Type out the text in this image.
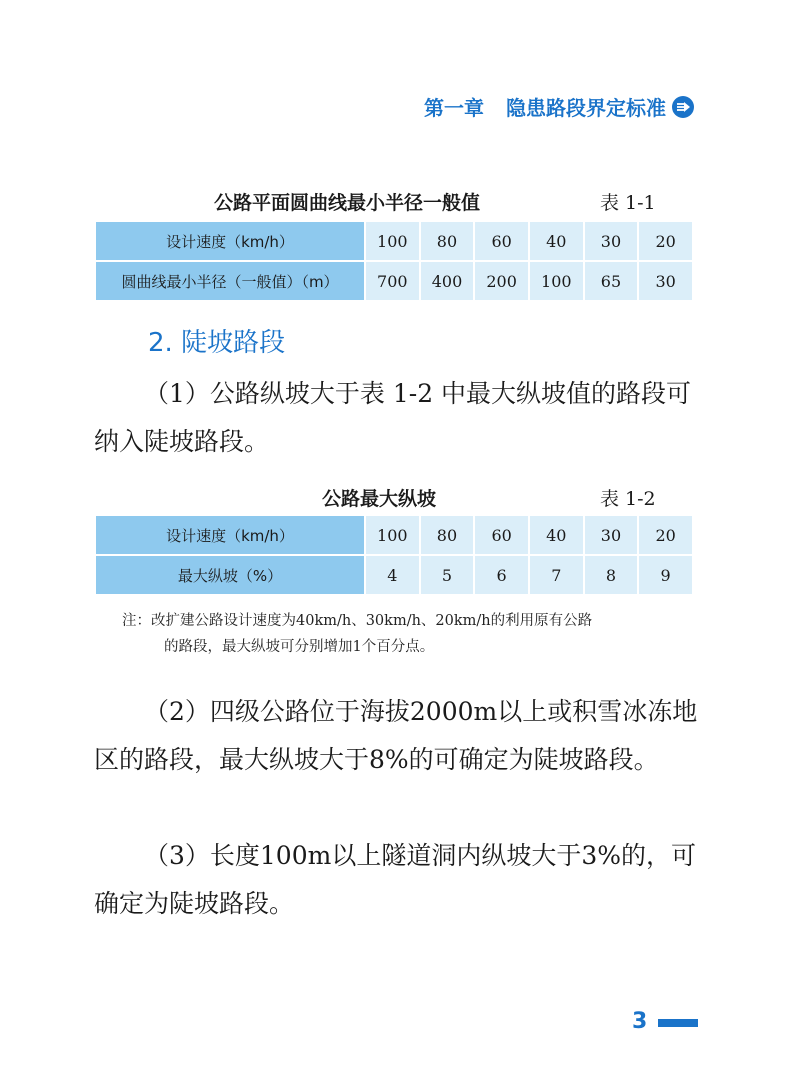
第一章 隐患路段界定标准
公路平面圆曲线最小半径一般值	表 1-1
设计速度（km/h）	100	80	60	40	30	20
圆曲线最小半径（一般值）（m）	700	400	200	100	65	30
2. 陡坡路段

（1）公路纵坡大于表 1-2 中最大纵坡值的路段可纳入陡坡路段。

公路最大纵坡	表 1-2
设计速度（km/h）	100	80	60	40	30	20
最大纵坡（%）	4	5	6	7	8	9
注：改扩建公路设计速度为40km/h、30km/h、20km/h的利用原有公路
的路段，最大纵坡可分别增加1个百分点。

（2）四级公路位于海拔2000m以上或积雪冰冻地区的路段，最大纵坡大于8%的可确定为陡坡路段。

（3）长度100m以上隧道洞内纵坡大于3%的，可确定为陡坡路段。

3
